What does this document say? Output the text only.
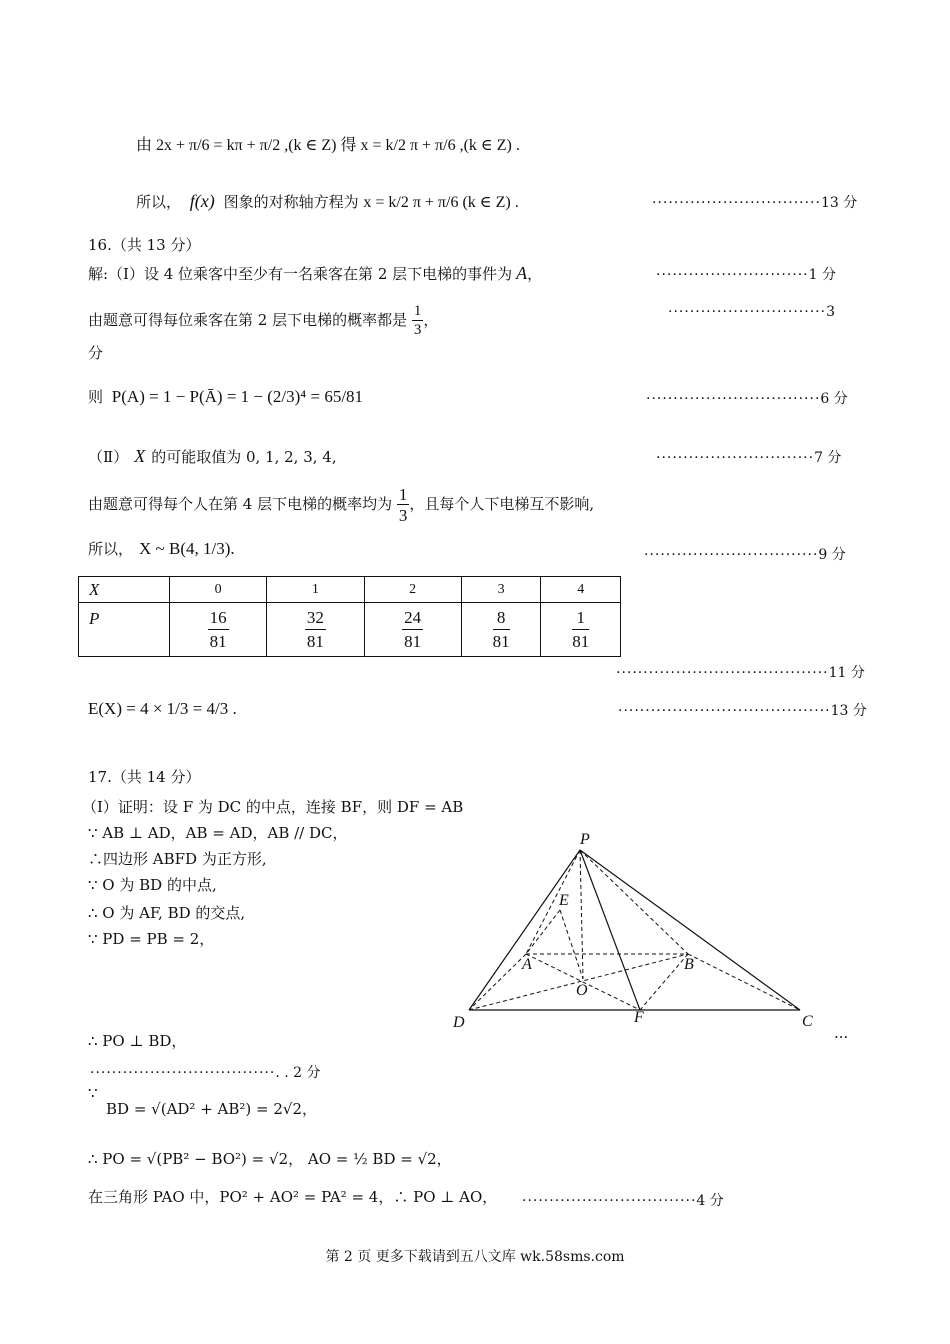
由 2x + π/6 = kπ + π/2 ,(k ∈ Z) 得 x = k/2 π + π/6 ,(k ∈ Z) .
所以， f(x) 图象的对称轴方程为 x = k/2 π + π/6 (k ∈ Z) .	·······························13 分
16.（共 13 分）
解:（Ⅰ）设 4 位乘客中至少有一名乘客在第 2 层下电梯的事件为 A，	····························1 分
由题意可得每位乘客在第 2 层下电梯的概率都是 $\frac{1}{3}$ ，	·····························3
分
则 P(A) = 1 − P(Ā) = 1 − (2/3)⁴ = 65/81	································6 分
（Ⅱ） X 的可能取值为 0, 1, 2, 3, 4,	·····························7 分
由题意可得每个人在第 4 层下电梯的概率均为 $\frac{1}{3}$ ，且每个人下电梯互不影响,
所以， X ~ B(4, 1/3).	································9 分
X	0	1	2	3	4
P	$\frac{16}{81}$	$\frac{32}{81}$	$\frac{24}{81}$	$\frac{8}{81}$	$\frac{1}{81}$
·······································11 分
E(X) = 4 × 1/3 = 4/3 .	·······································13 分
17.（共 14 分）
（Ⅰ）证明：设 F 为 DC 的中点，连接 BF，则 DF = AB
∵ AB ⊥ AD，AB = AD，AB // DC，
∴四边形 ABFD 为正方形,
∵ O 为 BD 的中点,
∴ O 为 AF, BD 的交点,
∵ PD = PB = 2，
P
E
A	B
O
D	F	C
···
∴ PO ⊥ BD，
··································. . 2 分
∵
BD = √(AD² + AB²) = 2√2，
∴ PO = √(PB² − BO²) = √2， AO = ½ BD = √2，
在三角形 PAO 中，PO² + AO² = PA² = 4，∴ PO ⊥ AO， ································4 分
第 2 页 更多下载请到五八文库 wk.58sms.com
